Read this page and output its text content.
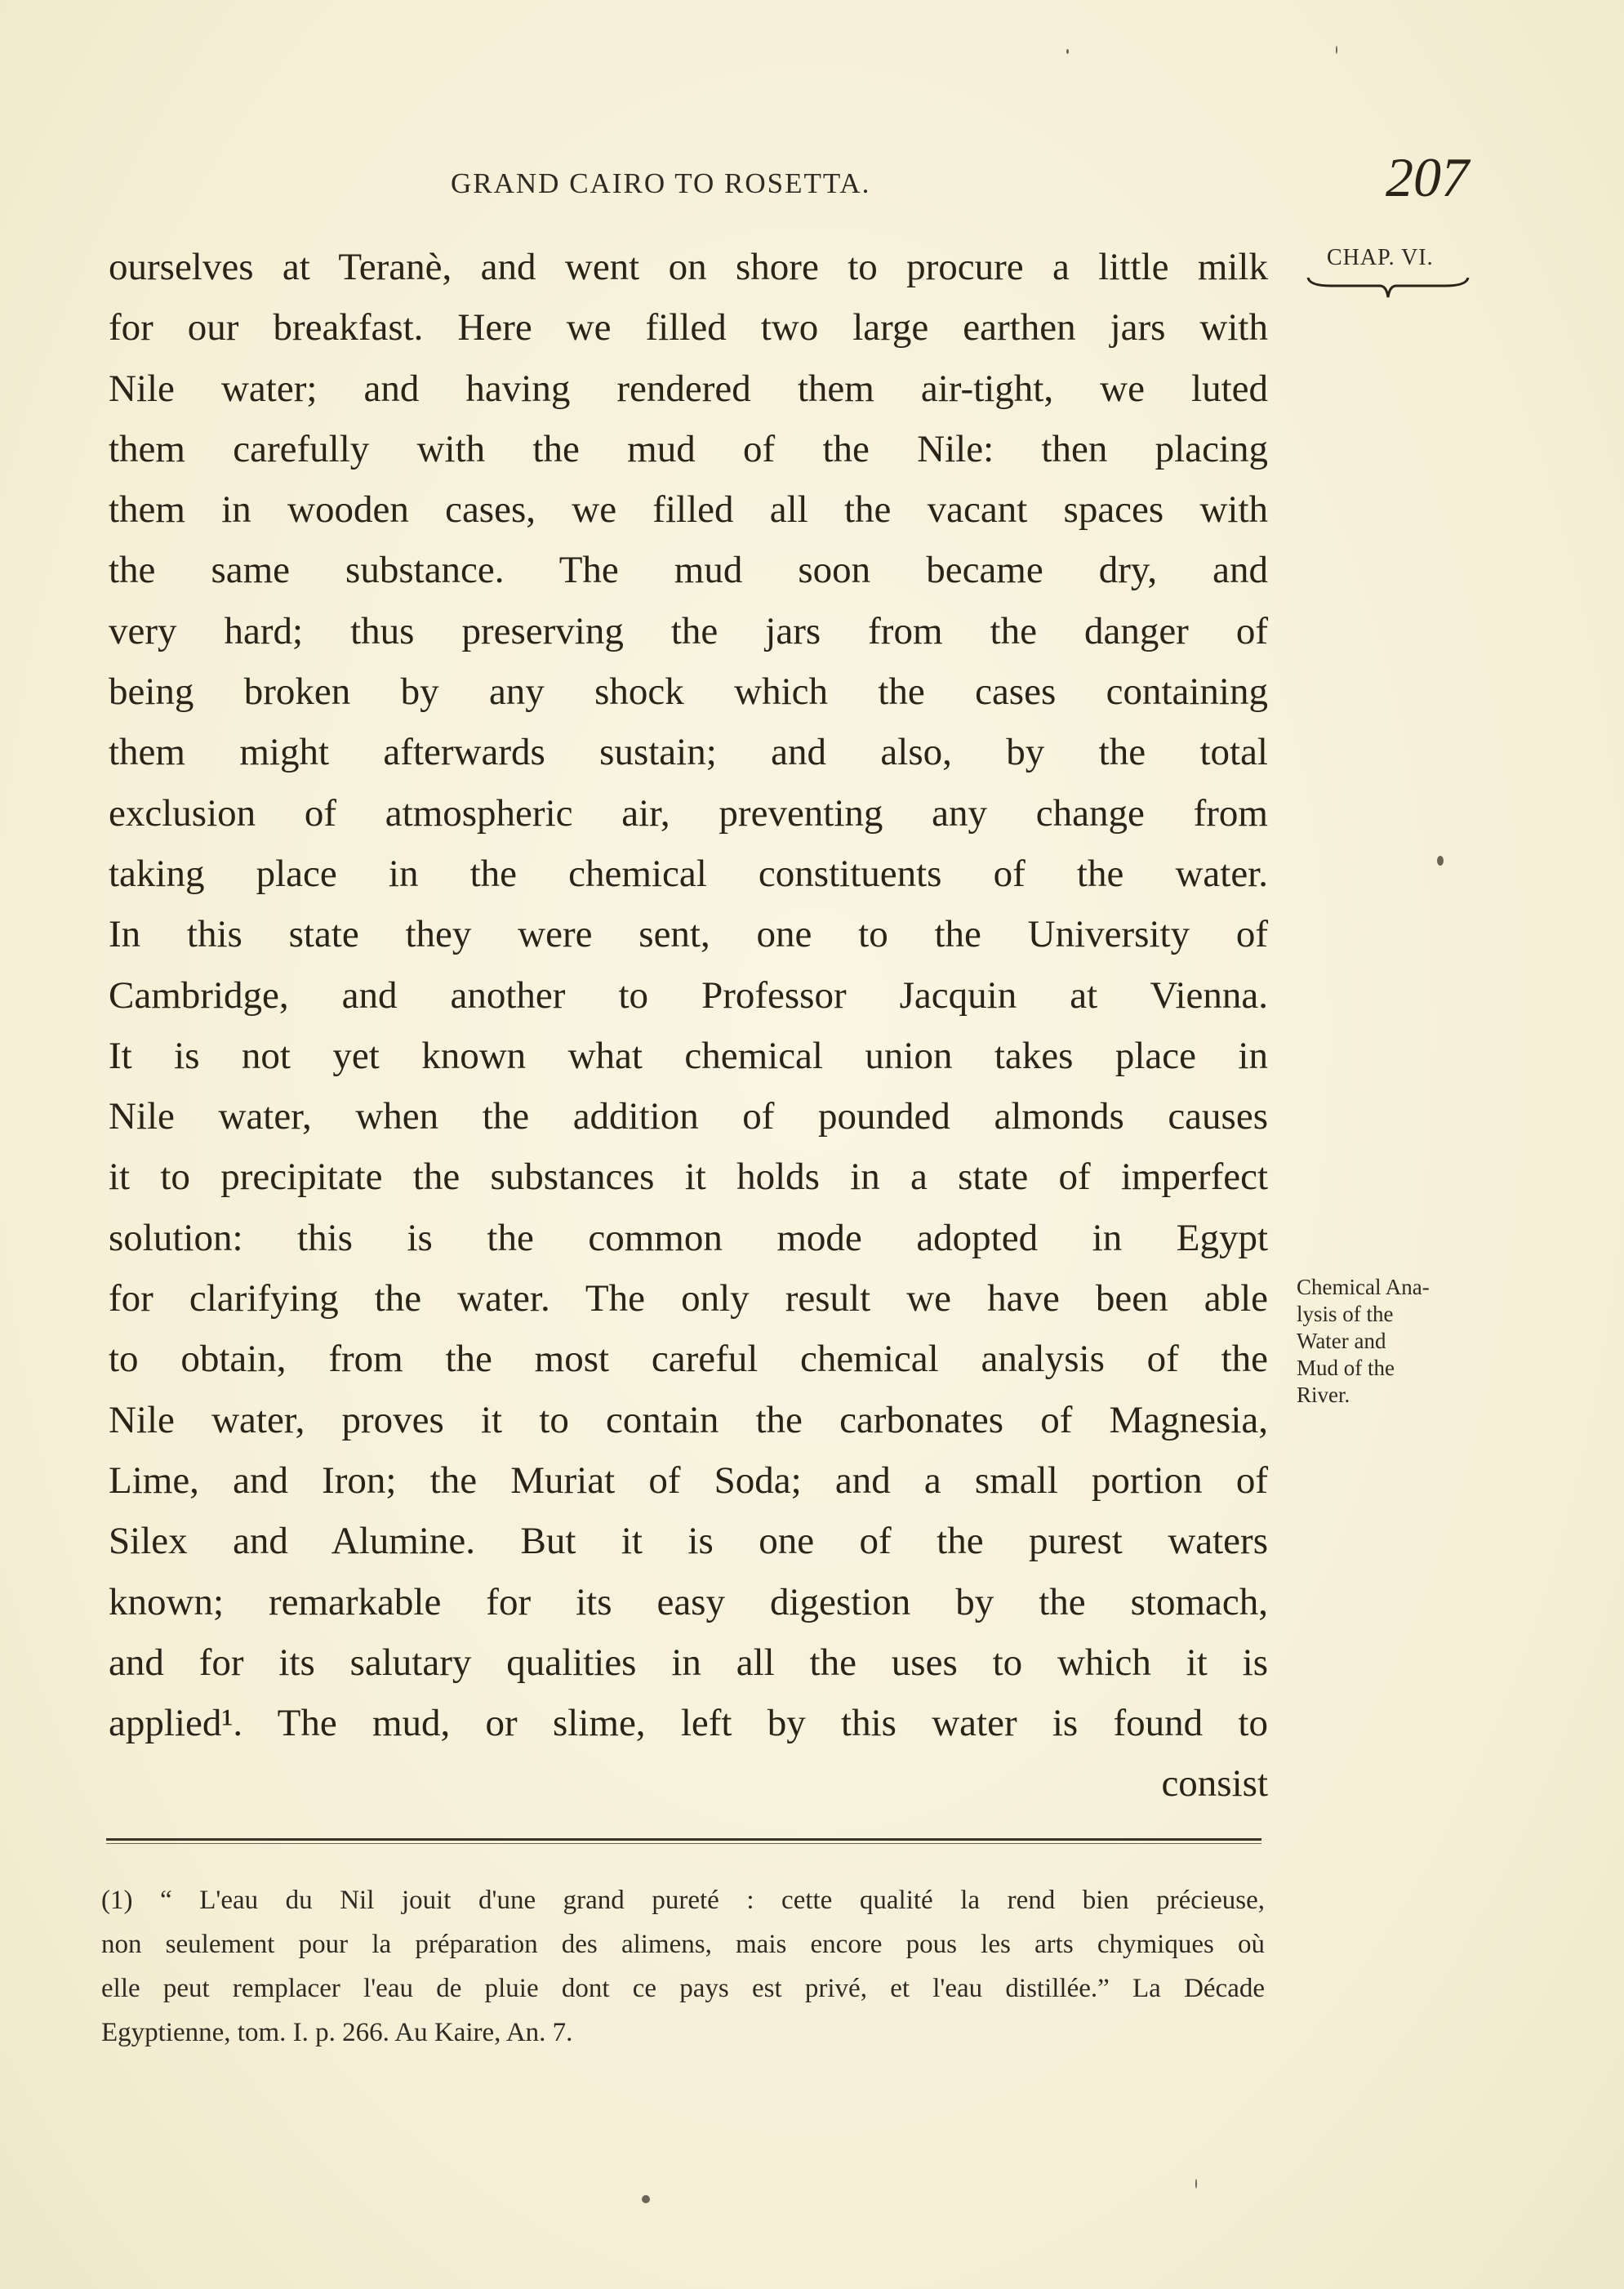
GRAND CAIRO TO ROSETTA.	207
CHAP. VI.
ourselves at Teranè, and went on shore to procure a little milk
for our breakfast. Here we filled two large earthen jars with
Nile water; and having rendered them air-tight, we luted
them carefully with the mud of the Nile: then placing
them in wooden cases, we filled all the vacant spaces with
the same substance. The mud soon became dry, and
very hard; thus preserving the jars from the danger of
being broken by any shock which the cases containing
them might afterwards sustain; and also, by the total
exclusion of atmospheric air, preventing any change from
taking place in the chemical constituents of the water.
In this state they were sent, one to the University of
Cambridge, and another to Professor Jacquin at Vienna.
It is not yet known what chemical union takes place in
Nile water, when the addition of pounded almonds causes
it to precipitate the substances it holds in a state of imperfect
solution: this is the common mode adopted in Egypt
for clarifying the water. The only result we have been able
to obtain, from the most careful chemical analysis of the
Nile water, proves it to contain the carbonates of Magnesia,
Lime, and Iron; the Muriat of Soda; and a small portion of
Silex and Alumine. But it is one of the purest waters
known; remarkable for its easy digestion by the stomach,
and for its salutary qualities in all the uses to which it is
applied¹. The mud, or slime, left by this water is found to
consist
Chemical Ana-
lysis of the
Water and
Mud of the
River.
(1) “ L'eau du Nil jouit d'une grand pureté : cette qualité la rend bien précieuse,
non seulement pour la préparation des alimens, mais encore pous les arts chymiques où
elle peut remplacer l'eau de pluie dont ce pays est privé, et l'eau distillée.” La Décade
Egyptienne, tom. I. p. 266. Au Kaire, An. 7.
